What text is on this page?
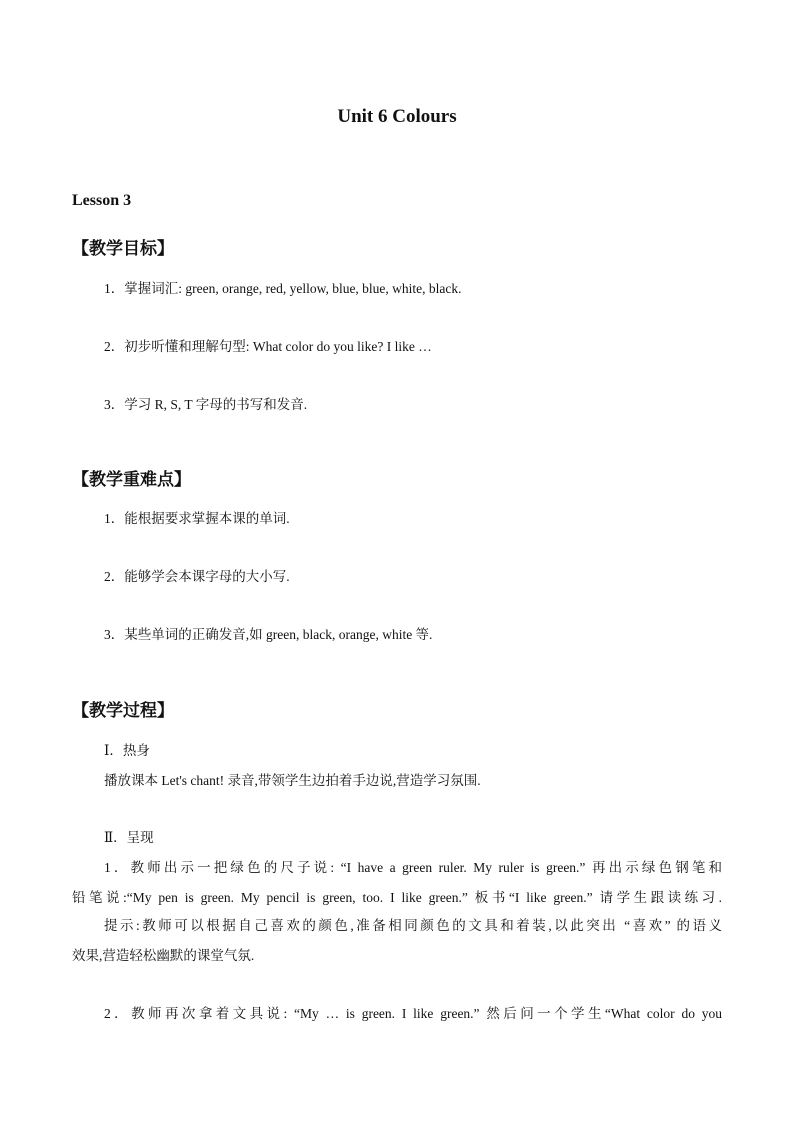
Unit 6 Colours
Lesson 3
【教学目标】
1．掌握词汇: green, orange, red, yellow, blue, blue, white, black.
2．初步听懂和理解句型: What color do you like? I like …
3．学习 R, S, T 字母的书写和发音.
【教学重难点】
1．能根据要求掌握本课的单词.
2．能够学会本课字母的大小写.
3．某些单词的正确发音,如 green, black, orange, white 等.
【教学过程】
Ⅰ．热身
播放课本 Let's chant! 录音,带领学生边拍着手边说,营造学习氛围.
Ⅱ．呈现
1．教师出示一把绿色的尺子说: “I have a green ruler. My ruler is green.” 再出示绿色钢笔和
铅笔说:“My pen is green. My pencil is green, too. I like green.” 板书“I like green.” 请学生跟读练习.
提示:教师可以根据自己喜欢的颜色,准备相同颜色的文具和着装,以此突出 “喜欢” 的语义
效果,营造轻松幽默的课堂气氛.
2．教师再次拿着文具说: “My … is green. I like green.” 然后问一个学生“What color do you
